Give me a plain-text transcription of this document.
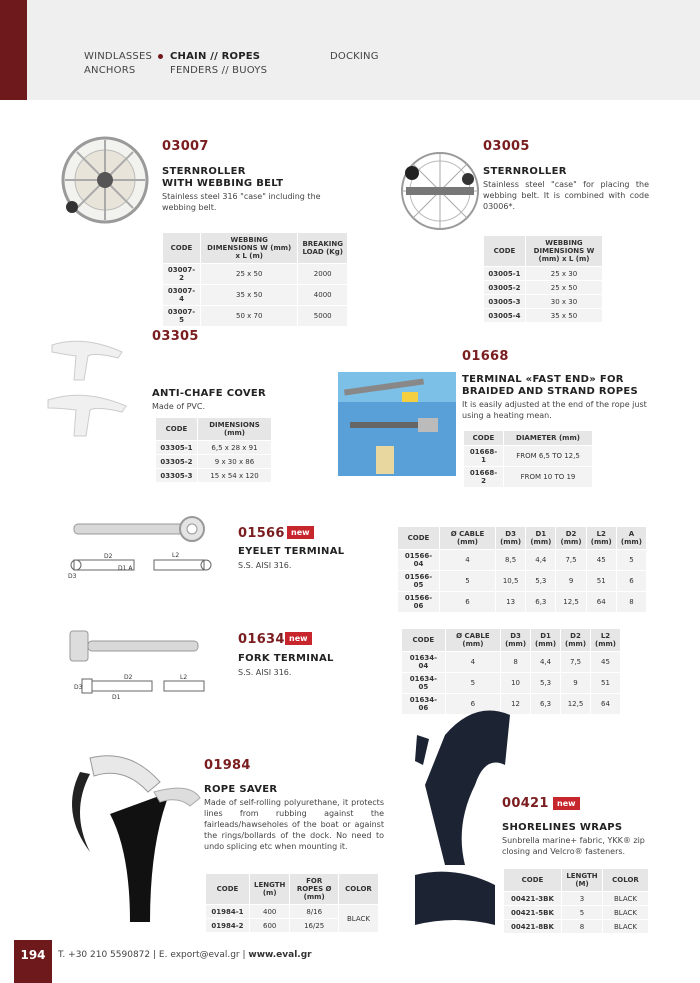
WINDLASSES
ANCHORS
CHAIN // ROPES
FENDERS // BUOYS
DOCKING
03007
STERNROLLER
WITH WEBBING BELT
Stainless steel 316 "case" including the webbing belt.
CODE	WEBBING DIMENSIONS W (mm) x L (m)	BREAKING LOAD (Kg)
03007-2	25 x 50	2000
03007-4	35 x 50	4000
03007-5	50 x 70	5000
03005
STERNROLLER
Stainless steel "case" for placing the webbing belt. It is combined with code 03006*.
CODE	WEBBING DIMENSIONS W (mm) x L (m)
03005-1	25 x 30
03005-2	25 x 50
03005-3	30 x 30
03005-4	35 x 50
03305
ANTI-CHAFE COVER
Made of PVC.
CODE	DIMENSIONS (mm)
03305-1	6,5 x 28 x 91
03305-2	9 x 30 x 86
03305-3	15 x 54 x 120
01668
TERMINAL «FAST END» FOR
BRAIDED AND STRAND ROPES
It is easily adjusted at the end of the rope just using a heating mean.
CODE	DIAMETER (mm)
01668-1	FROM 6,5 TO 12,5
01668-2	FROM 10 TO 19
D2
D1 A
D3
L2
01566 new
EYELET TERMINAL
S.S. AISI 316.
CODE	Ø CABLE (mm)	D3 (mm)	D1 (mm)	D2 (mm)	L2 (mm)	A (mm)
01566-04	4	8,5	4,4	7,5	45	5
01566-05	5	10,5	5,3	9	51	6
01566-06	6	13	6,3	12,5	64	8
D3
D2
D1
L2
01634 new
FORK TERMINAL
S.S. AISI 316.
CODE	Ø CABLE (mm)	D3 (mm)	D1 (mm)	D2 (mm)	L2 (mm)
01634-04	4	8	4,4	7,5	45
01634-05	5	10	5,3	9	51
01634-06	6	12	6,3	12,5	64
01984
ROPE SAVER
Made of self-rolling polyurethane, it protects lines from rubbing against the fairleads/hawseholes of the boat or against the rings/bollards of the dock. No need to undo splicing etc when mounting it.
CODE	LENGTH (m)	FOR ROPES Ø (mm)	COLOR
01984-1	400	8/16	BLACK
01984-2	600	16/25	
00421	new
SHORELINES WRAPS
Sunbrella marine+ fabric, YKK® zip closing and Velcro® fasteners.
CODE	LENGTH (M)	COLOR
00421-3BK	3	BLACK
00421-5BK	5	BLACK
00421-8BK	8	BLACK
194	T. +30 210 5590872 | E. export@eval.gr | www.eval.gr
